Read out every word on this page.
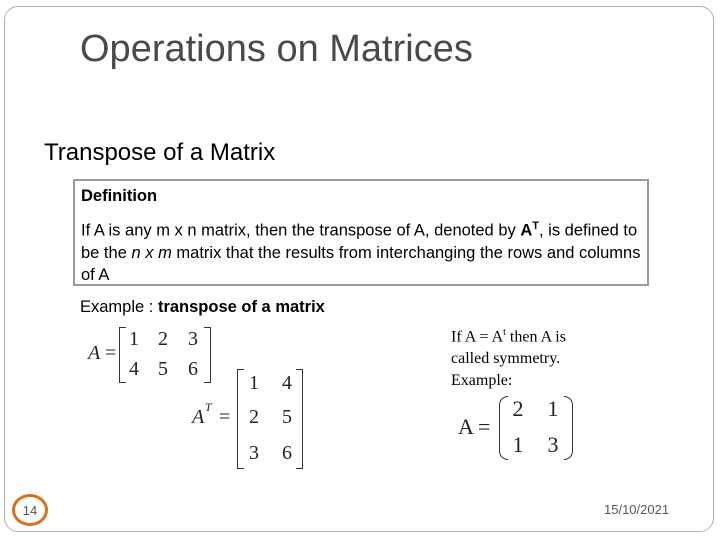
Operations on Matrices
Transpose of a Matrix
Definition
If A is any m x n matrix, then the transpose of A, denoted by $A^T$, is defined to be the n x m matrix that the results from interchanging the rows and columns of A
Example : transpose of a matrix
A =
1 2	3
4 5	6
A T =
1	4
2	5
3	6
If $A = A^t$ then A is
called symmetry.
Example:
A =
2 1
1 3
14	15/10/2021
